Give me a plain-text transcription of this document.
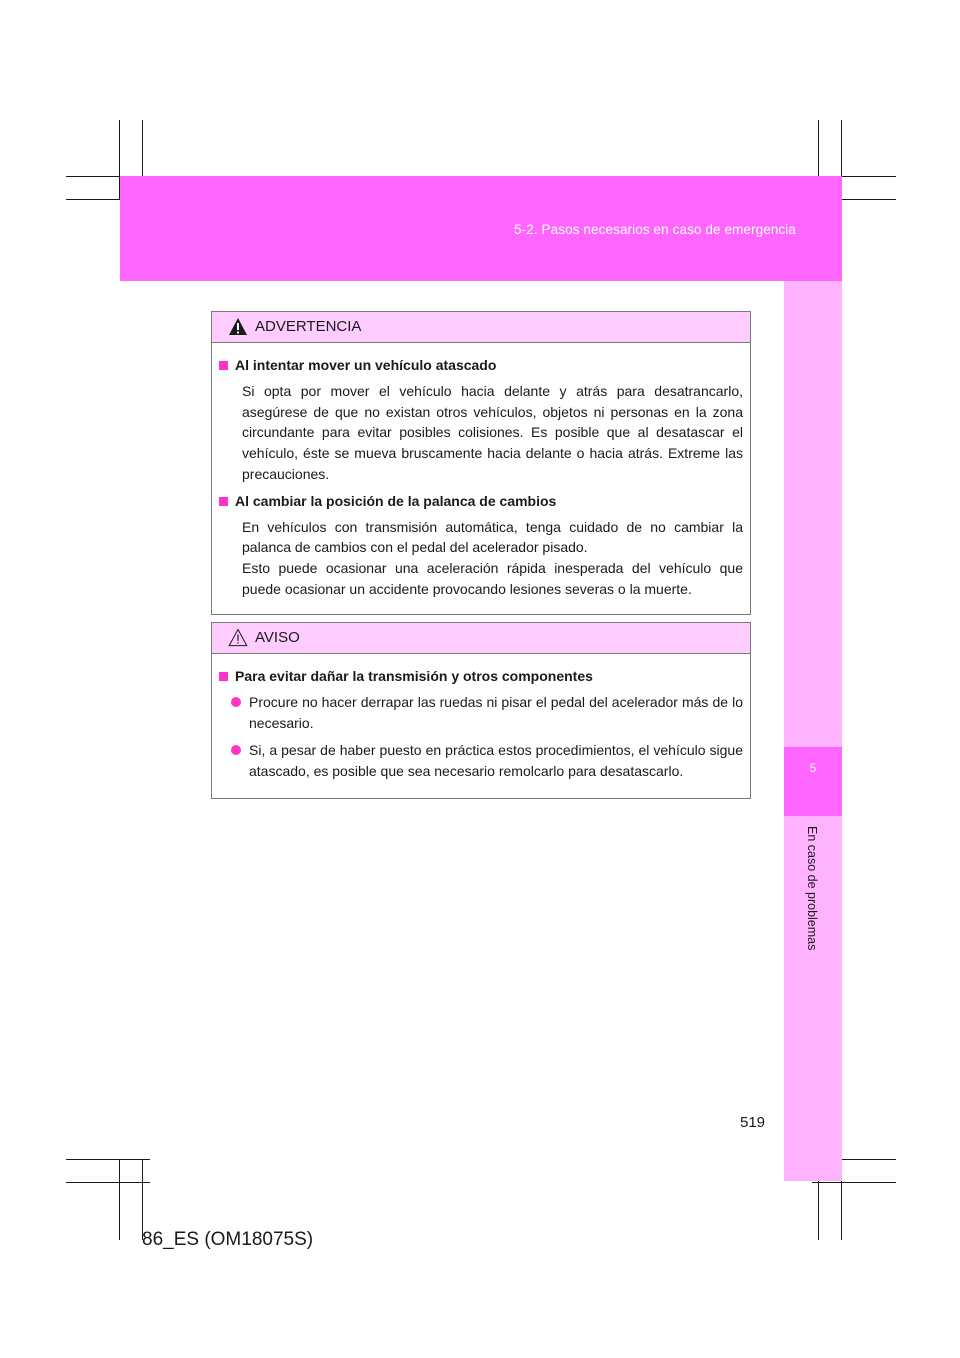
5-2. Pasos necesarios en caso de emergencia
5
En caso de problemas
ADVERTENCIA
Al intentar mover un vehículo atascado

Si opta por mover el vehículo hacia delante y atrás para desatrancarlo, asegúrese de que no existan otros vehículos, objetos ni personas en la zona circundante para evitar posibles colisiones. Es posible que al desatascar el vehículo, éste se mueva bruscamente hacia delante o hacia atrás. Extreme las precauciones.

Al cambiar la posición de la palanca de cambios

En vehículos con transmisión automática, tenga cuidado de no cambiar la palanca de cambios con el pedal del acelerador pisado.

Esto puede ocasionar una aceleración rápida inesperada del vehículo que puede ocasionar un accidente provocando lesiones severas o la muerte.

AVISO
Para evitar dañar la transmisión y otros componentes
Procure no hacer derrapar las ruedas ni pisar el pedal del acelerador más de lo necesario.
Si, a pesar de haber puesto en práctica estos procedimientos, el vehículo sigue atascado, es posible que sea necesario remolcarlo para desatascarlo.
519
86_ES (OM18075S)
